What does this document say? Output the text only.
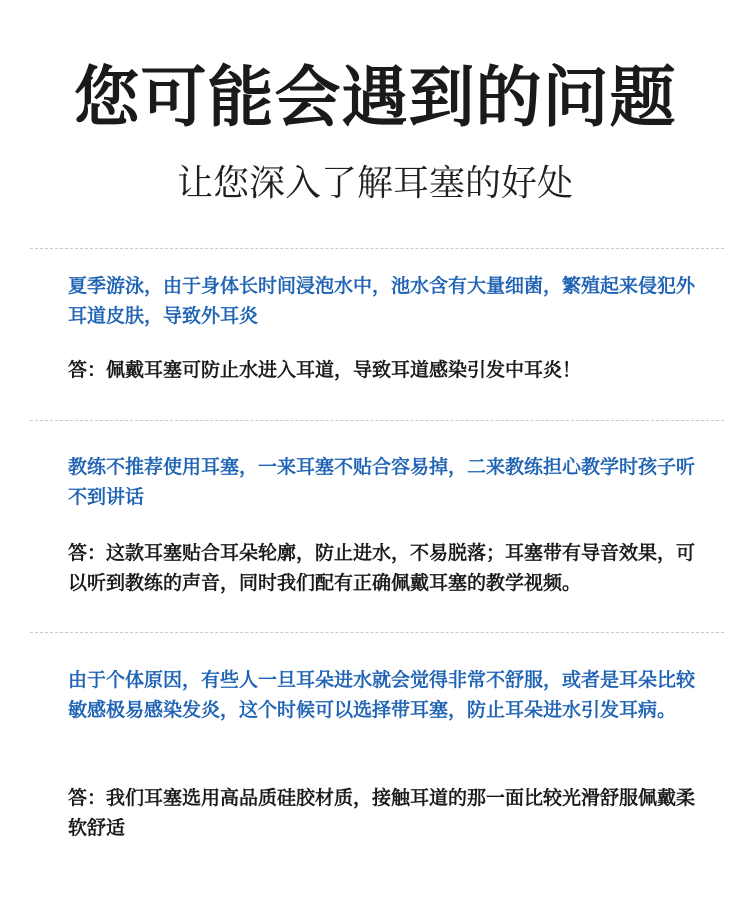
您可能会遇到的问题
让您深入了解耳塞的好处

夏季游泳，由于身体长时间浸泡水中，池水含有大量细菌，繁殖起来侵犯外耳道皮肤，导致外耳炎

答：佩戴耳塞可防止水进入耳道，导致耳道感染引发中耳炎！

教练不推荐使用耳塞，一来耳塞不贴合容易掉，二来教练担心教学时孩子听不到讲话

答：这款耳塞贴合耳朵轮廓，防止进水，不易脱落；耳塞带有导音效果，可以听到教练的声音，同时我们配有正确佩戴耳塞的教学视频。

由于个体原因，有些人一旦耳朵进水就会觉得非常不舒服，或者是耳朵比较敏感极易感染发炎，这个时候可以选择带耳塞，防止耳朵进水引发耳病。

答：我们耳塞选用高品质硅胶材质，接触耳道的那一面比较光滑舒服佩戴柔软舒适
